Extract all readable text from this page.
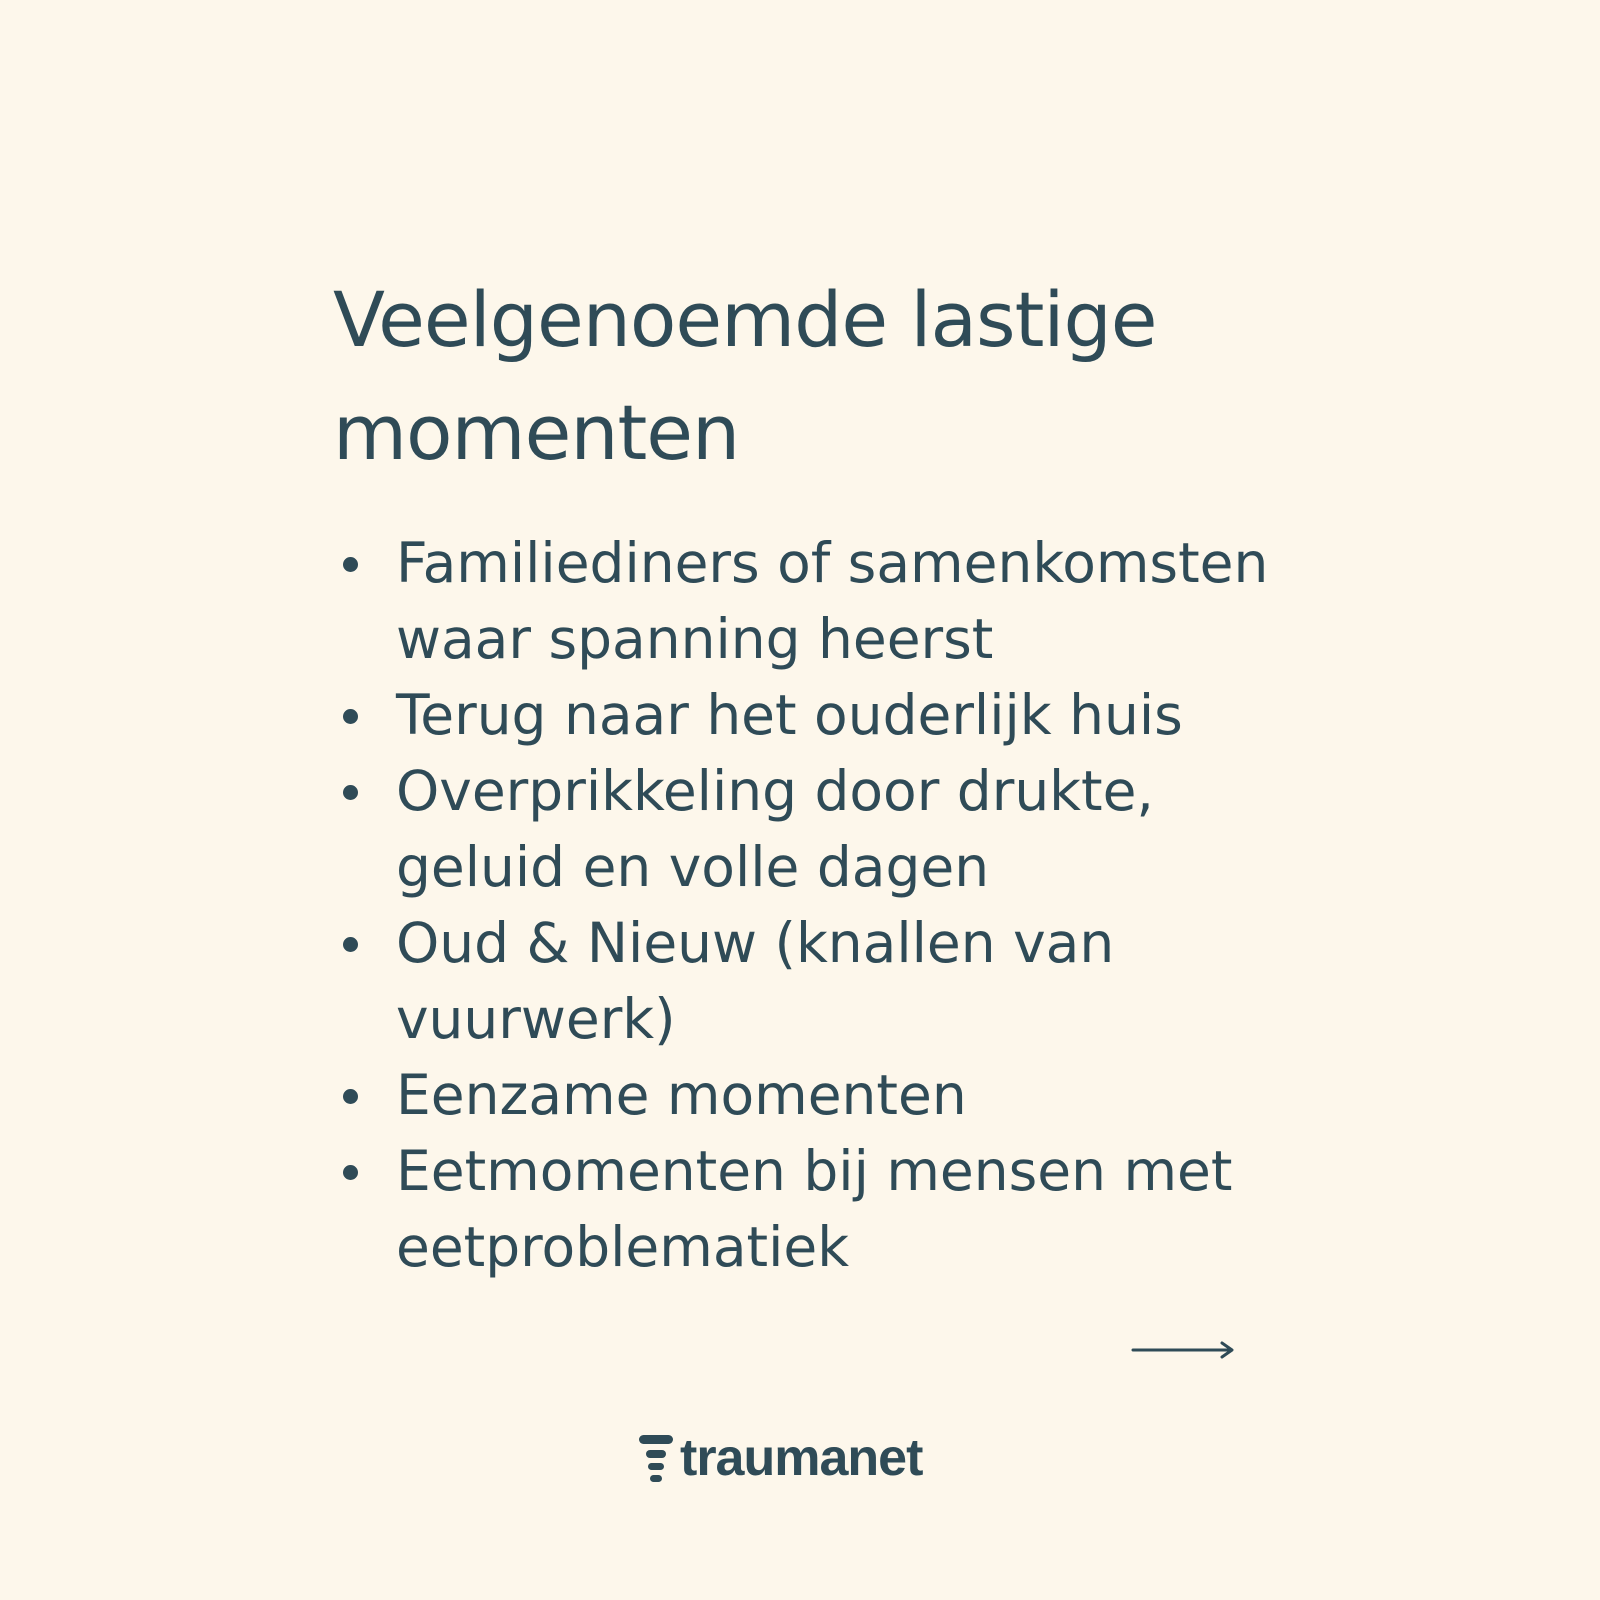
Veelgenoemde lastige
momenten
Familiediners of samenkomsten
waar spanning heerst
Terug naar het ouderlijk huis
Overprikkeling door drukte,
geluid en volle dagen
Oud & Nieuw (knallen van
vuurwerk)
Eenzame momenten
Eetmomenten bij mensen met
eetproblematiek
traumanet
